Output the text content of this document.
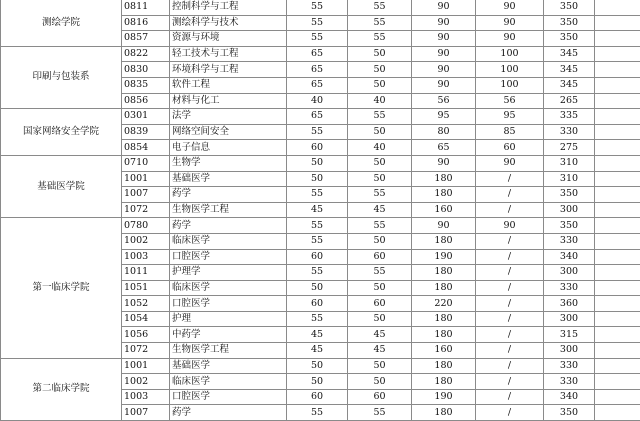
测绘学院	0811	控制科学与工程	55	55	90	90	350	
	0816	测绘科学与技术	55	55	90	90	350	
	0857	资源与环境	55	55	90	90	350	
印刷与包装系	0822	轻工技术与工程	65	50	90	100	345	
	0830	环境科学与工程	65	50	90	100	345	
	0835	软件工程	65	50	90	100	345	
	0856	材料与化工	40	40	56	56	265	
国家网络安全学院	0301	法学	65	55	95	95	335	
	0839	网络空间安全	55	50	80	85	330	
	0854	电子信息	60	40	65	60	275	
基础医学院	0710	生物学	50	50	90	90	310	
	1001	基础医学	50	50	180	/	310	
	1007	药学	55	55	180	/	350	
	1072	生物医学工程	45	45	160	/	300	
第一临床学院	0780	药学	55	55	90	90	350	
	1002	临床医学	55	50	180	/	330	
	1003	口腔医学	60	60	190	/	340	
	1011	护理学	55	55	180	/	300	
	1051	临床医学	50	50	180	/	330	
	1052	口腔医学	60	60	220	/	360	
	1054	护理	55	50	180	/	300	
	1056	中药学	45	45	180	/	315	
	1072	生物医学工程	45	45	160	/	300	
第二临床学院	1001	基础医学	50	50	180	/	330	
	1002	临床医学	50	50	180	/	330	
	1003	口腔医学	60	60	190	/	340	
	1007	药学	55	55	180	/	350	
